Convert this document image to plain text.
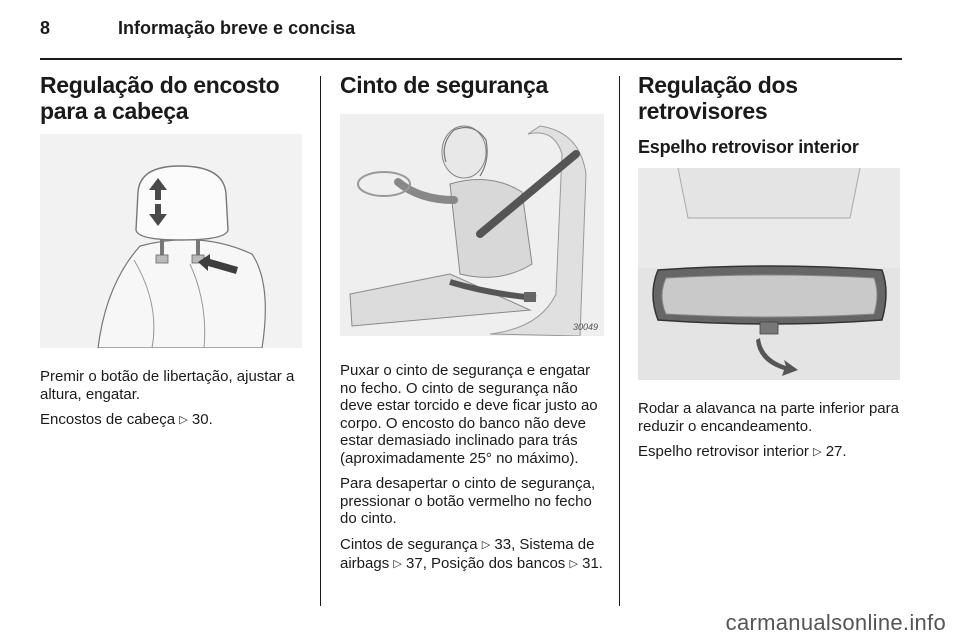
8	Informação breve e concisa
Regulação do encosto para a cabeça

Premir o botão de libertação, ajustar a altura, engatar.

Encostos de cabeça ▷ 30.

Cinto de segurança
30049

Puxar o cinto de segurança e engatar no fecho. O cinto de segurança não deve estar torcido e deve ficar justo ao corpo. O encosto do banco não deve estar demasiado inclinado para trás (aproximadamente 25° no máximo).

Para desapertar o cinto de segurança, pressionar o botão vermelho no fecho do cinto.

Cintos de segurança ▷ 33, Sistema de airbags ▷ 37, Posição dos bancos ▷ 31.

Regulação dos retrovisores
Espelho retrovisor interior

Rodar a alavanca na parte inferior para reduzir o encandeamento.

Espelho retrovisor interior ▷ 27.

carmanualsonline.info
